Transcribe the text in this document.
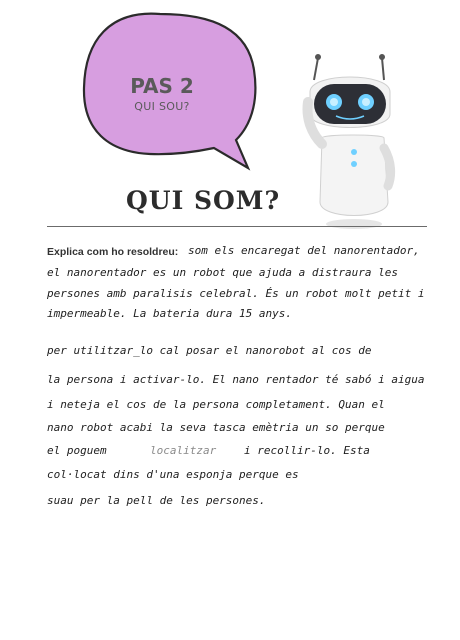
PAS 2
QUI SOU?
QUI SOM?
Explica com ho resoldreu: som els encaregat del nanorentador,
el nanorentador es un robot que ajuda a distraura les
persones amb paralisis celebral. És un robot molt petit i
impermeable. La bateria dura 15 anys.
per utilitzar_lo cal posar el nanorobot al cos de
la persona i activar-lo. El nano rentador té sabó i aigua
i neteja el cos de la persona completament. Quan el
nano robot acabi la seva tasca emètria un so perque
el poguem	localitzar	i recollir-lo. Esta
col·locat dins d'una esponja perque es
suau per la pell de les persones.
